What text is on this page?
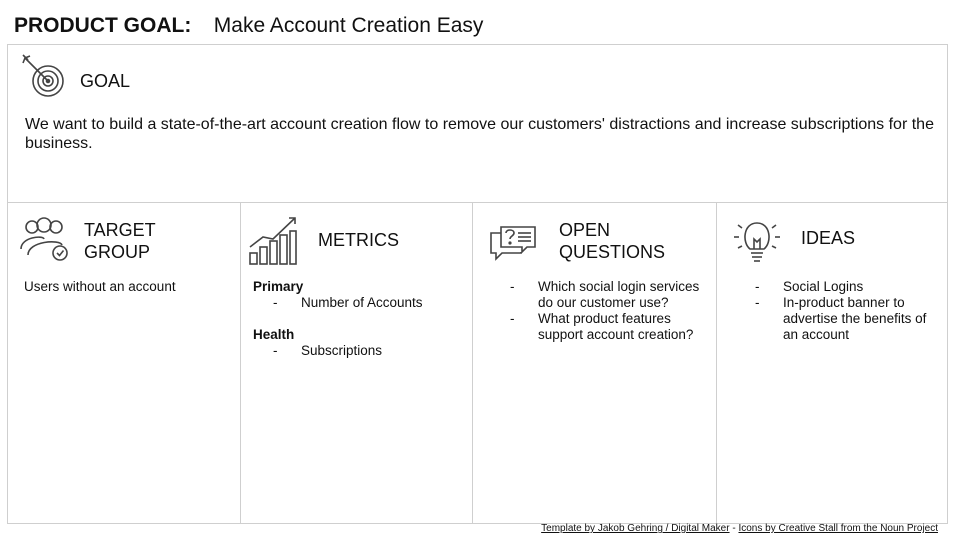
PRODUCT GOAL: Make Account Creation Easy
GOAL
We want to build a state-of-the-art account creation flow to remove our customers' distractions and increase subscriptions for the business.
TARGET GROUP
Users without an account
METRICS
Primary
- Number of Accounts
Health
- Subscriptions
OPEN QUESTIONS
- Which social login services do our customer use?
- What product features support account creation?
IDEAS
- Social Logins
- In-product banner to advertise the benefits of an account
Template by Jakob Gehring / Digital Maker - Icons by Creative Stall from the Noun Project
